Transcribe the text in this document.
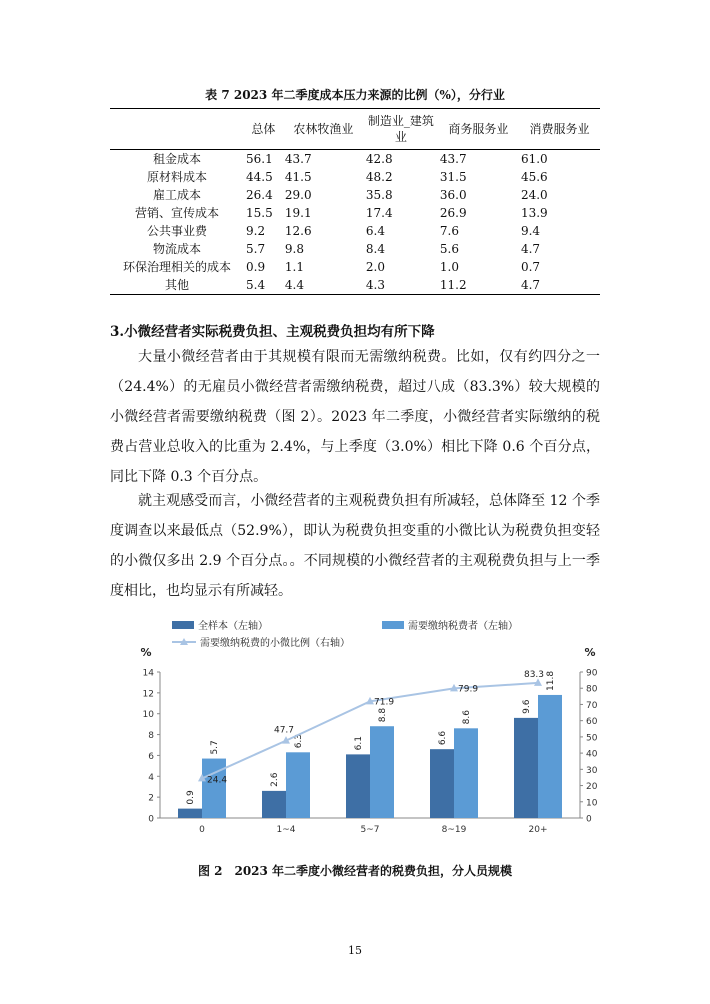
表 7 2023 年二季度成本压力来源的比例（%），分行业
	总体	农林牧渔业	制造业_建筑业	商务服务业	消费服务业
租金成本	56.1	43.7	42.8	43.7	61.0
原材料成本	44.5	41.5	48.2	31.5	45.6
雇工成本	26.4	29.0	35.8	36.0	24.0
营销、宣传成本	15.5	19.1	17.4	26.9	13.9
公共事业费	9.2	12.6	6.4	7.6	9.4
物流成本	5.7	9.8	8.4	5.6	4.7
环保治理相关的成本	0.9	1.1	2.0	1.0	0.7
其他	5.4	4.4	4.3	11.2	4.7
3.小微经营者实际税费负担、主观税费负担均有所下降

大量小微经营者由于其规模有限而无需缴纳税费。比如，仅有约四分之一（24.4%）的无雇员小微经营者需缴纳税费，超过八成（83.3%）较大规模的小微经营者需要缴纳税费（图 2）。2023 年二季度，小微经营者实际缴纳的税费占营业总收入的比重为 2.4%，与上季度（3.0%）相比下降 0.6 个百分点，同比下降 0.3 个百分点。

就主观感受而言，小微经营者的主观税费负担有所减轻，总体降至 12 个季度调查以来最低点（52.9%），即认为税费负担变重的小微比认为税费负担变轻的小微仅多出 2.9 个百分点。。不同规模的小微经营者的主观税费负担与上一季度相比，也均显示有所减轻。

全样本（左轴）	需要缴纳税费者（左轴）
需要缴纳税费的小微比例（右轴）
%	%
0
2
4
6
8
10
12
14
0
10
20
30
40
50
60
70
80
90
0	1~4	5~7	8~19	20+
0.9
2.6
6.1	6.6
9.6
5.7	6.3
8.8	8.6
11.8
24.4
47.7
71.9
79.9
83.3
图 2　2023 年二季度小微经营者的税费负担，分人员规模
15
